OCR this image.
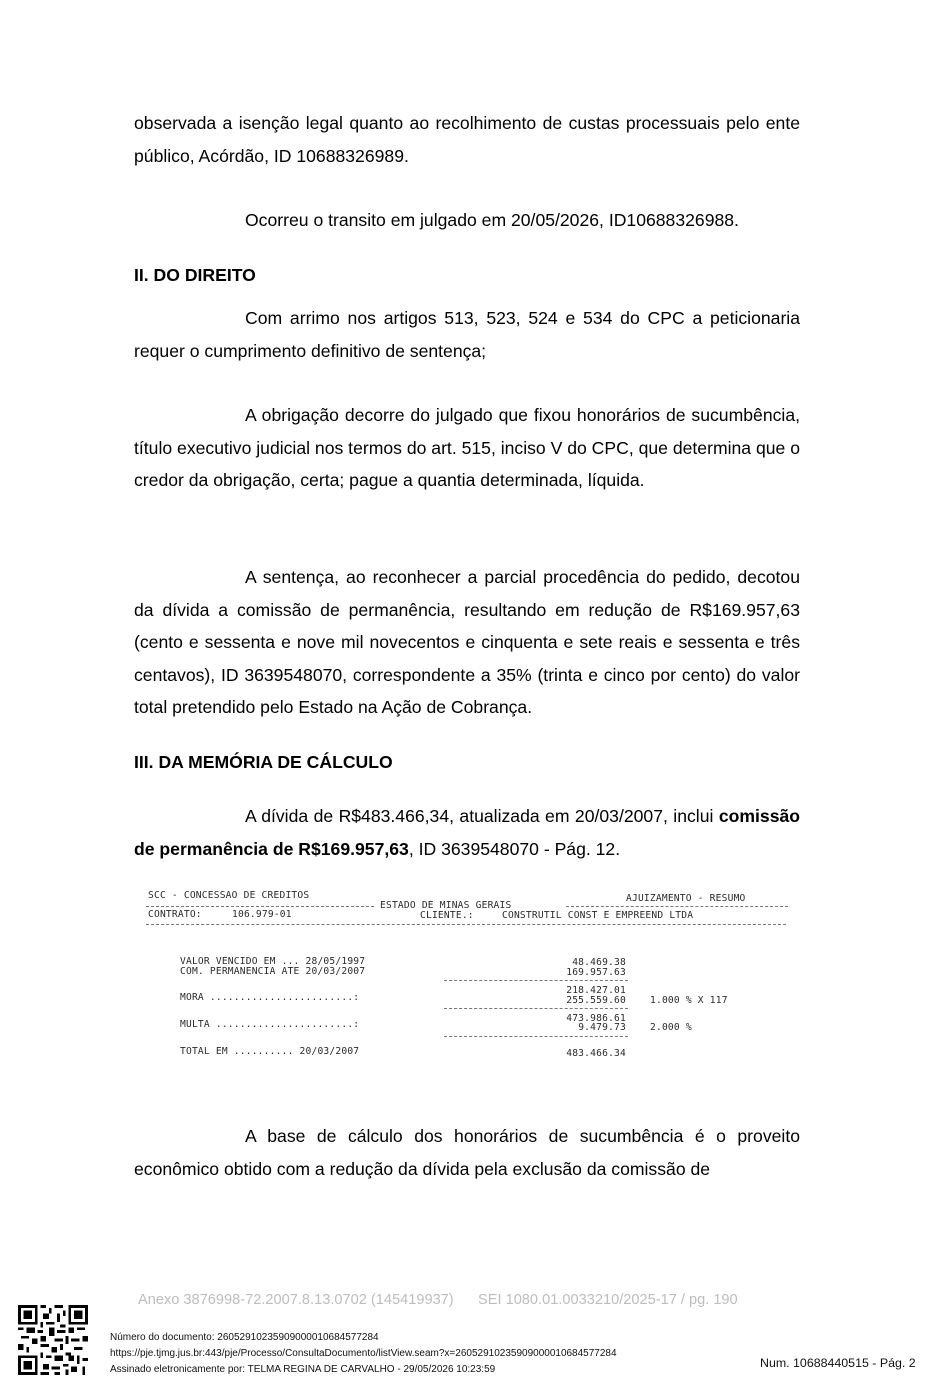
observada a isenção legal quanto ao recolhimento de custas processuais pelo ente público, Acórdão, ID 10688326989.

Ocorreu o transito em julgado em 20/05/2026, ID10688326988.

II. DO DIREITO

Com arrimo nos artigos 513, 523, 524 e 534 do CPC a peticionaria requer o cumprimento definitivo de sentença;

A obrigação decorre do julgado que fixou honorários de sucumbência, título executivo judicial nos termos do art. 515, inciso V do CPC, que determina que o credor da obrigação, certa; pague a quantia determinada, líquida.

A sentença, ao reconhecer a parcial procedência do pedido, decotou da dívida a comissão de permanência, resultando em redução de R$169.957,63 (cento e sessenta e nove mil novecentos e cinquenta e sete reais e sessenta e três centavos), ID 3639548070, correspondente a 35% (trinta e cinco por cento) do valor total pretendido pelo Estado na Ação de Cobrança.

III. DA MEMÓRIA DE CÁLCULO

A dívida de R$483.466,34, atualizada em 20/03/2007, inclui comissão de permanência de R$169.957,63, ID 3639548070 - Pág. 12.

SCC - CONCESSAO DE CREDITOS	AJUIZAMENTO - RESUMO
ESTADO DE MINAS GERAIS
CONTRATO:	106.979-01	CLIENTE.:	CONSTRUTIL CONST E EMPREEND LTDA
VALOR VENCIDO EM ... 28/05/1997	48.469.38
COM. PERMANENCIA ATE 20/03/2007	169.957.63
218.427.01
MORA ........................:	255.559.60	1.000 % X 117
473.986.61
MULTA .......................:	9.479.73	2.000 %
TOTAL EM .......... 20/03/2007	483.466.34

A base de cálculo dos honorários de sucumbência é o proveito econômico obtido com a redução da dívida pela exclusão da comissão de

Anexo 3876998-72.2007.8.13.0702 (145419937) SEI 1080.01.0033210/2025-17 / pg. 190
Número do documento: 26052910235909000010684577284
https://pje.tjmg.jus.br:443/pje/Processo/ConsultaDocumento/listView.seam?x=26052910235909000010684577284
Assinado eletronicamente por: TELMA REGINA DE CARVALHO - 29/05/2026 10:23:59	Num. 10688440515 - Pág. 2
